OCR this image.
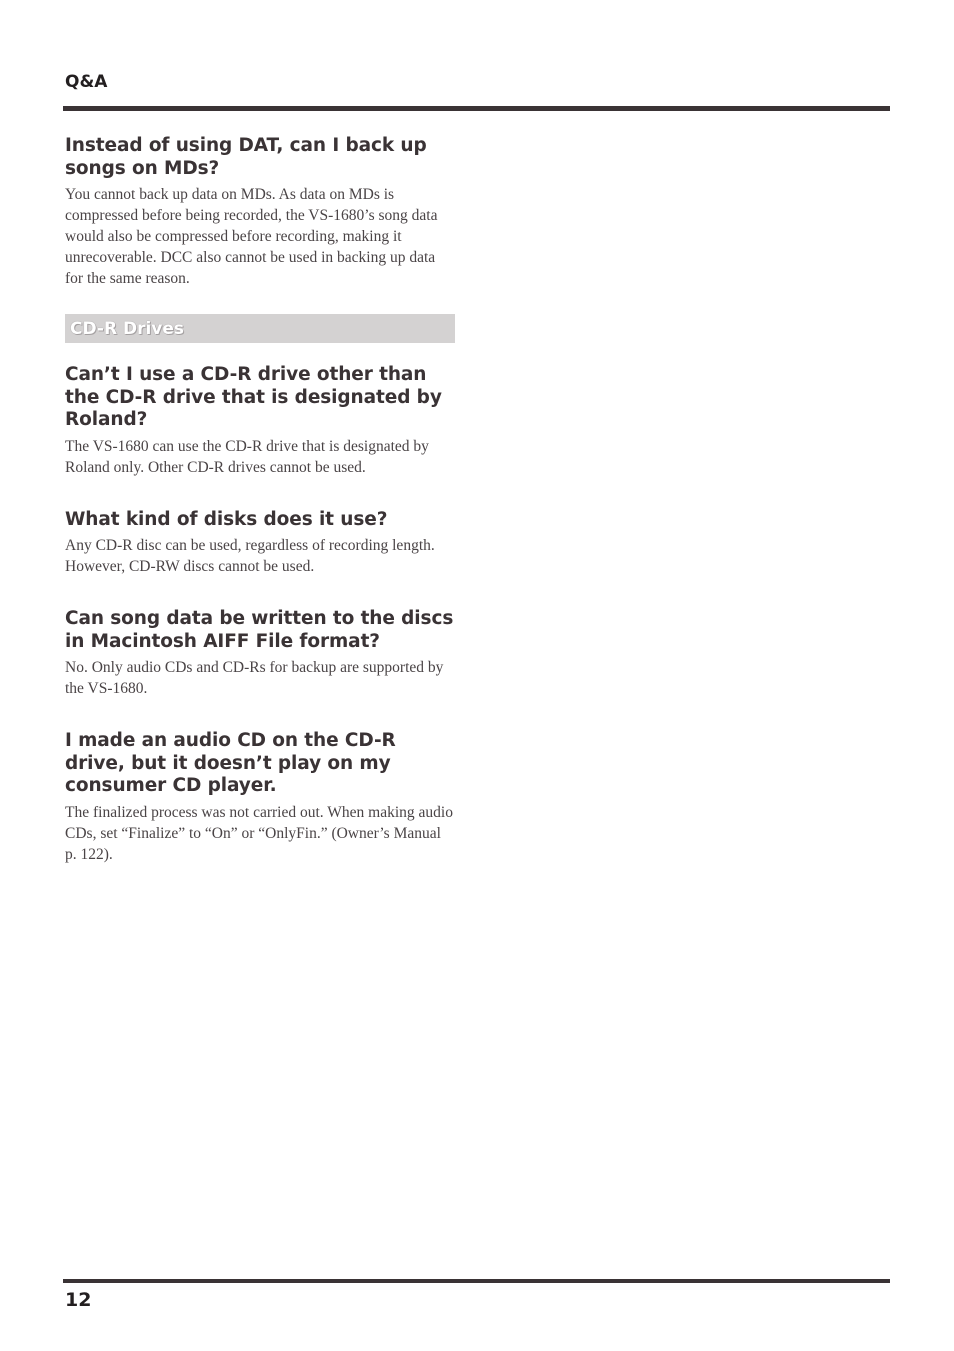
Q&A
Instead of using DAT, can I back up songs on MDs?

You cannot back up data on MDs. As data on MDs is compressed before being recorded, the VS-1680’s song data would also be compressed before recording, making it unrecoverable. DCC also cannot be used in backing up data for the same reason.

CD-R Drives
Can’t I use a CD-R drive other than the CD-R drive that is designated by Roland?

The VS-1680 can use the CD-R drive that is designated by Roland only. Other CD-R drives cannot be used.

What kind of disks does it use?

Any CD-R disc can be used, regardless of recording length. However, CD-RW discs cannot be used.

Can song data be written to the discs in Macintosh AIFF File format?

No. Only audio CDs and CD-Rs for backup are supported by the VS-1680.

I made an audio CD on the CD-R drive, but it doesn’t play on my consumer CD player.

The finalized process was not carried out. When making audio CDs, set “Finalize” to “On” or “OnlyFin.” (Owner’s Manual p. 122).

12
